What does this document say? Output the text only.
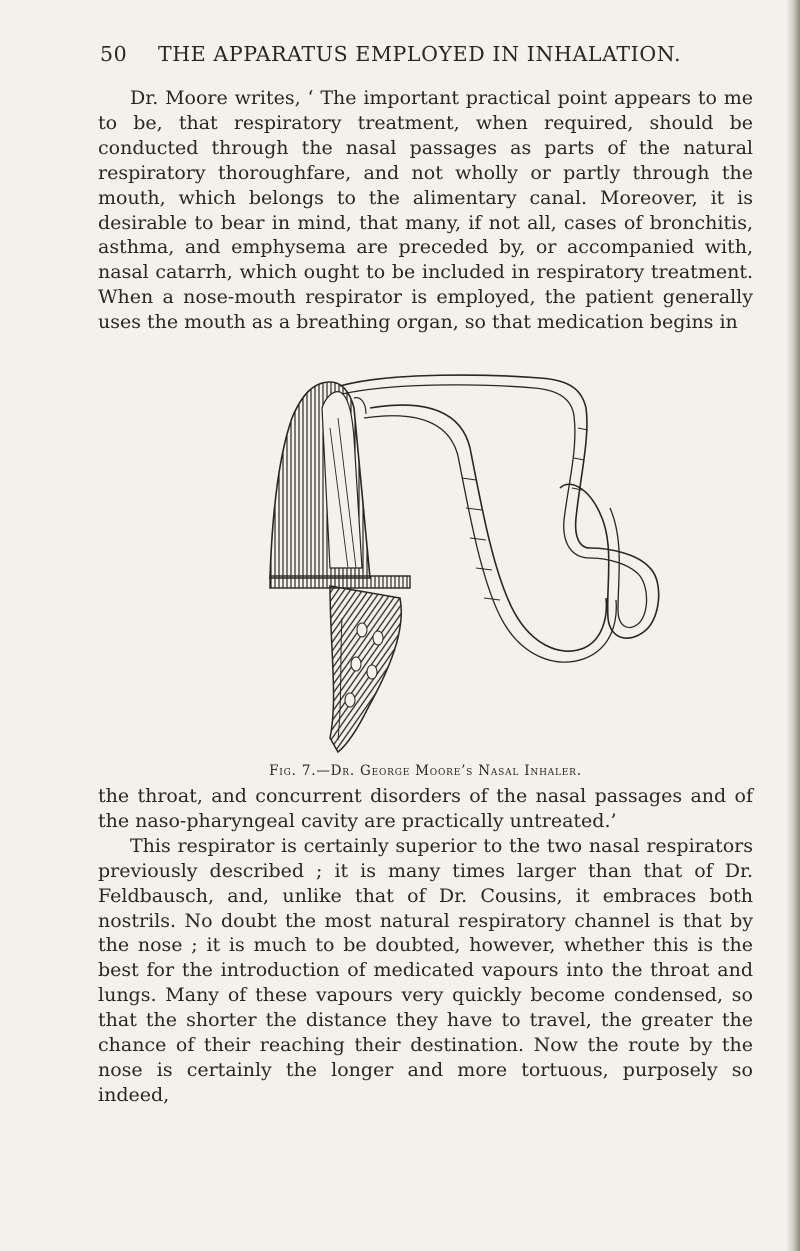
50 THE APPARATUS EMPLOYED IN INHALATION.

Dr. Moore writes, ‘ The important practical point appears to me to be, that respiratory treatment, when required, should be conducted through the nasal passages as parts of the natural respiratory thoroughfare, and not wholly or partly through the mouth, which belongs to the alimentary canal. Moreover, it is desirable to bear in mind, that many, if not all, cases of bronchitis, asthma, and emphysema are preceded by, or accompanied with, nasal catarrh, which ought to be included in respiratory treatment. When a nose-mouth respirator is employed, the patient generally uses the mouth as a breathing organ, so that medication begins in

Fig. 7.—Dr. George Moore’s Nasal Inhaler.

the throat, and concurrent disorders of the nasal passages and of the naso-pharyngeal cavity are practically untreated.’

This respirator is certainly superior to the two nasal respirators previously described ; it is many times larger than that of Dr. Feldbausch, and, unlike that of Dr. Cousins, it embraces both nostrils. No doubt the most natural respiratory channel is that by the nose ; it is much to be doubted, however, whether this is the best for the introduction of medicated vapours into the throat and lungs. Many of these vapours very quickly become condensed, so that the shorter the distance they have to travel, the greater the chance of their reaching their destination. Now the route by the nose is certainly the longer and more tortuous, purposely so indeed,
